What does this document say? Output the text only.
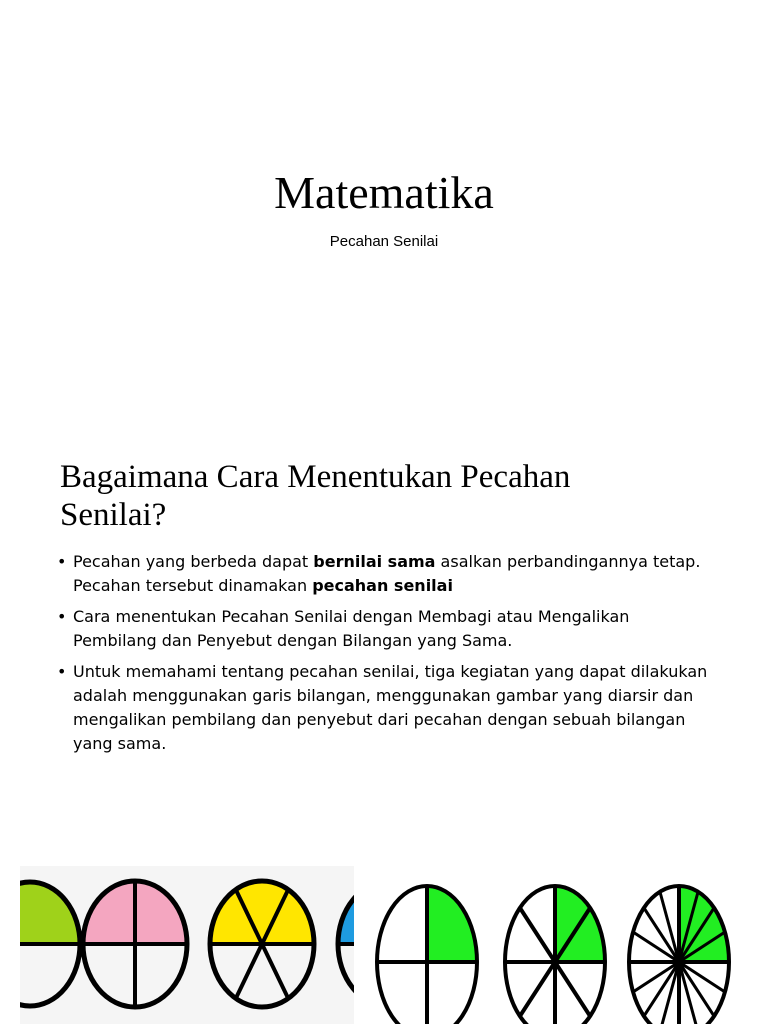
Matematika

Pecahan Senilai

Bagaimana Cara Menentukan Pecahan Senilai?
• Pecahan yang berbeda dapat bernilai sama asalkan perbandingannya tetap. Pecahan tersebut dinamakan pecahan senilai
• Cara menentukan Pecahan Senilai dengan Membagi atau Mengalikan Pembilang dan Penyebut dengan Bilangan yang Sama.
• Untuk memahami tentang pecahan senilai, tiga kegiatan yang dapat dilakukan adalah menggunakan garis bilangan, menggunakan gambar yang diarsir dan mengalikan pembilang dan penyebut dari pecahan dengan sebuah bilangan yang sama.
